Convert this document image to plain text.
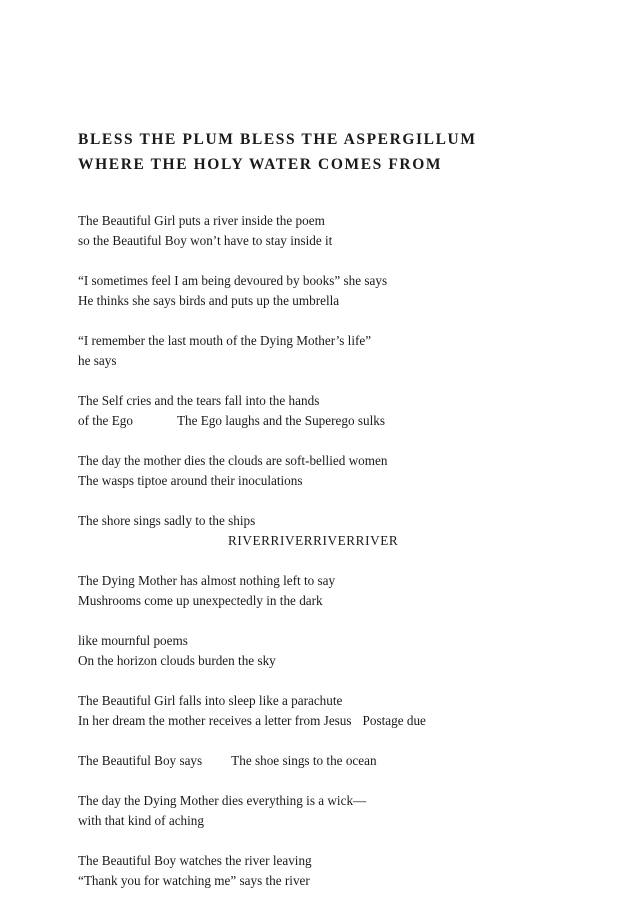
BLESS THE PLUM BLESS THE ASPERGILLUM
WHERE THE HOLY WATER COMES FROM
The Beautiful Girl puts a river inside the poem
so the Beautiful Boy won’t have to stay inside it
“I sometimes feel I am being devoured by books” she says
He thinks she says birds and puts up the umbrella
“I remember the last mouth of the Dying Mother’s life”
he says
The Self cries and the tears fall into the hands
of the Ego	The Ego laughs and the Superego sulks
The day the mother dies the clouds are soft-bellied women
The wasps tiptoe around their inoculations
The shore sings sadly to the ships
RIVERRIVERRIVERRIVER
The Dying Mother has almost nothing left to say
Mushrooms come up unexpectedly in the dark
like mournful poems
On the horizon clouds burden the sky
The Beautiful Girl falls into sleep like a parachute
In her dream the mother receives a letter from Jesus Postage due
The Beautiful Boy says The shoe sings to the ocean
The day the Dying Mother dies everything is a wick—
with that kind of aching
The Beautiful Boy watches the river leaving
“Thank you for watching me” says the river
